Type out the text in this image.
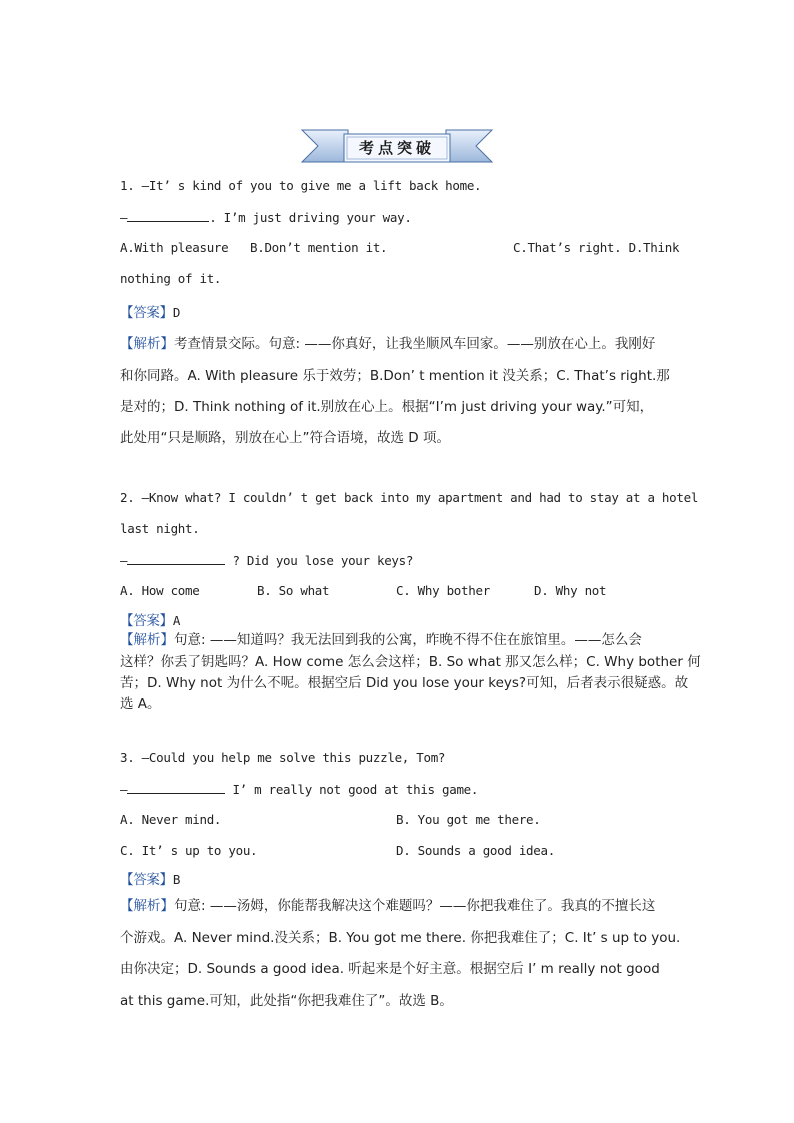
考点突破
1. —It’ s kind of you to give me a lift back home.
—	. I’m just driving your way.
A.With pleasure B.Don’t mention it.	C.That’s right. D.Think
nothing of it.
【答案】D
【解析】考查情景交际。句意: ——你真好，让我坐顺风车回家。——别放在心上。我刚好
和你同路。A. With pleasure 乐于效劳；B.Don’ t mention it 没关系；C. That’s right.那
是对的；D. Think nothing of it.别放在心上。根据“I’m just driving your way.”可知，
此处用“只是顺路，别放在心上”符合语境，故选 D 项。
2. —Know what? I couldn’ t get back into my apartment and had to stay at a hotel
last night.
—	? Did you lose your keys?
A. How come	B. So what	C. Why bother	D. Why not
【答案】A
【解析】句意: ——知道吗？我无法回到我的公寓，昨晚不得不住在旅馆里。——怎么会
这样？你丢了钥匙吗？A. How come 怎么会这样；B. So what 那又怎么样；C. Why bother 何
苦；D. Why not 为什么不呢。根据空后 Did you lose your keys?可知，后者表示很疑惑。故
选 A。
3. —Could you help me solve this puzzle, Tom?
—	I’ m really not good at this game.
A. Never mind.	B. You got me there.
C. It’ s up to you.	D. Sounds a good idea.
【答案】B
【解析】句意: ——汤姆，你能帮我解决这个难题吗？——你把我难住了。我真的不擅长这
个游戏。A. Never mind.没关系；B. You got me there. 你把我难住了；C. It’ s up to you.
由你决定；D. Sounds a good idea. 听起来是个好主意。根据空后 I’ m really not good
at this game.可知，此处指“你把我难住了”。故选 B。
